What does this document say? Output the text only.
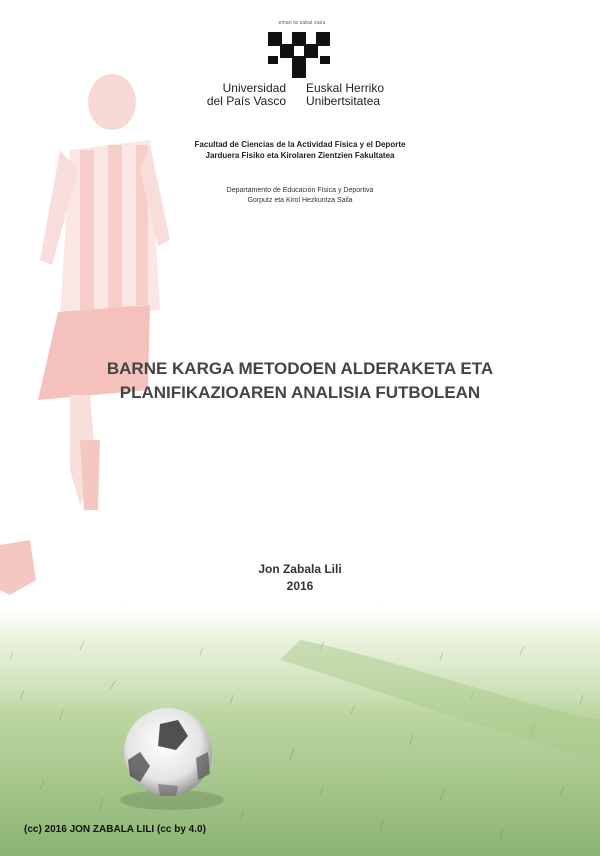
eman ta zabal zazu
Universidad
del País Vasco
Euskal Herriko
Unibertsitatea
Facultad de Ciencias de la Actividad Física y el Deporte
Jarduera Fisiko eta Kirolaren Zientzien Fakultatea
Departamento de Educación Física y Deportiva
Gorputz eta Kirol Hezkuntza Saila
BARNE KARGA METODOEN ALDERAKETA ETA
PLANIFIKAZIOAREN ANALISIA FUTBOLEAN
Jon Zabala Lili
2016
(cc) 2016 JON ZABALA LILI (cc by 4.0)
